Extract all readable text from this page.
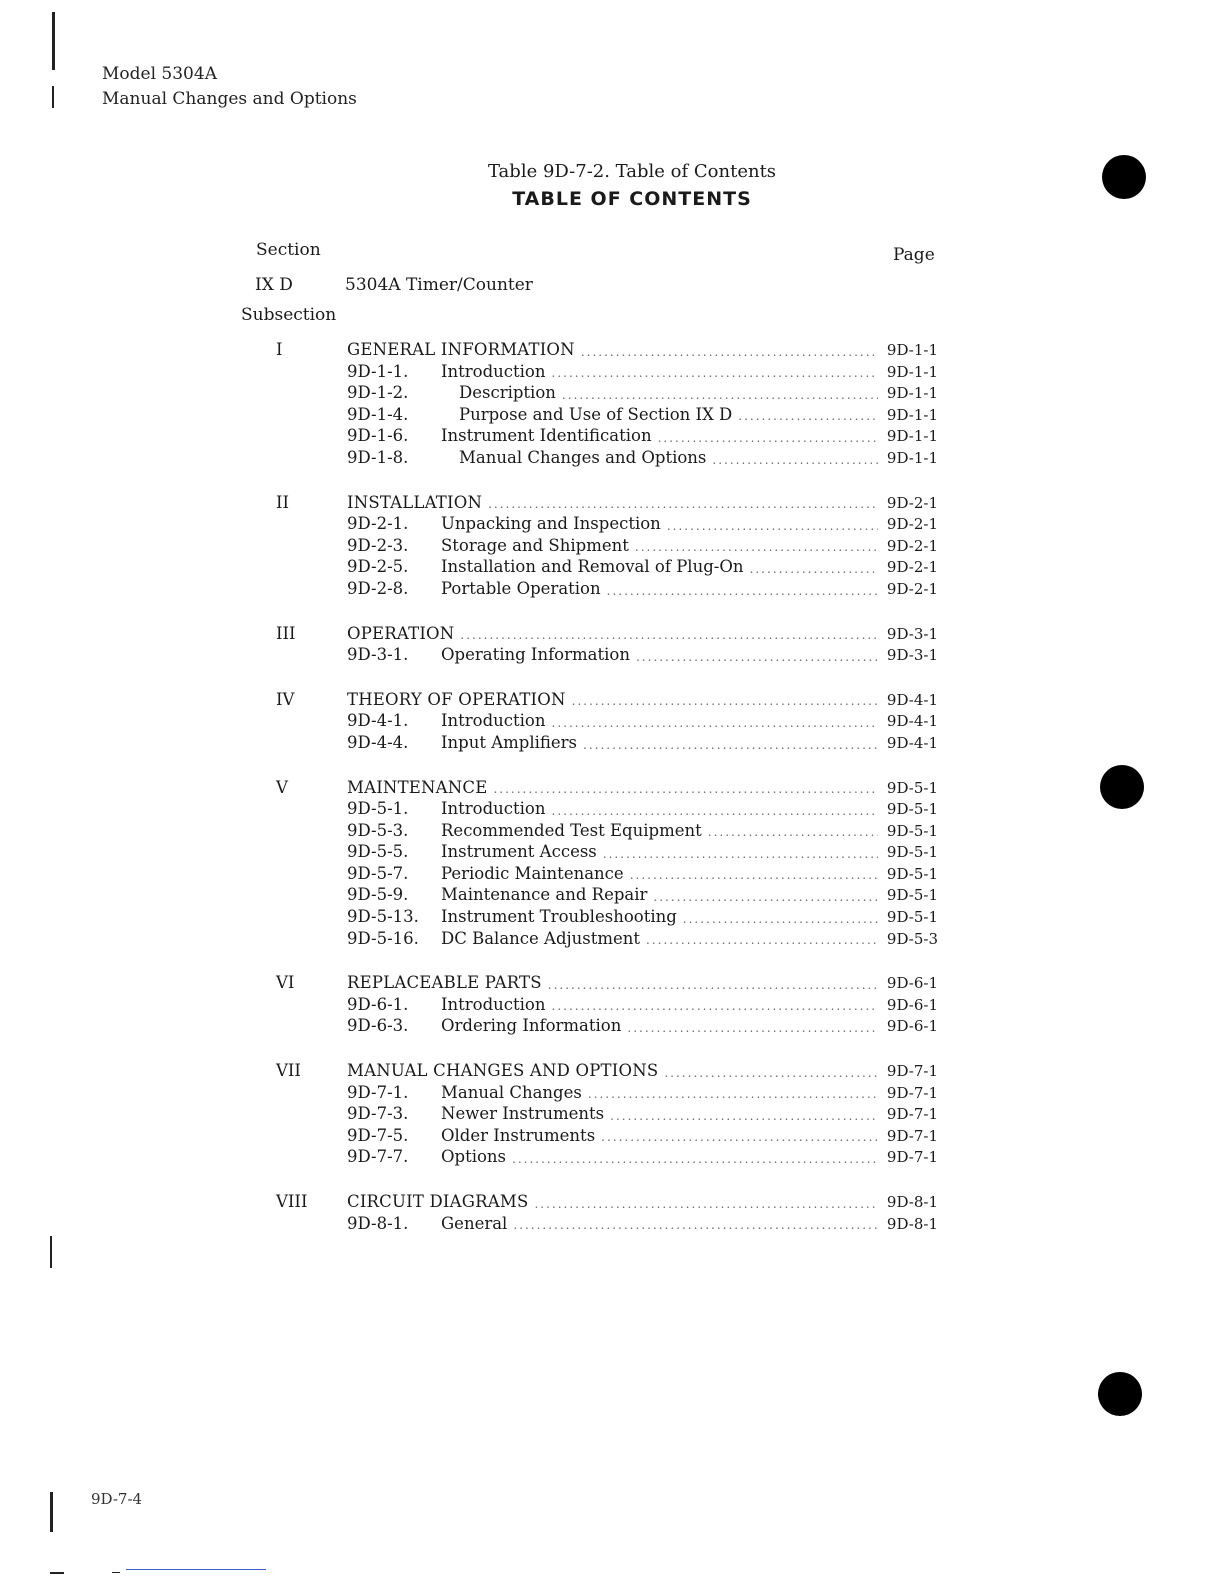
Model 5304A
Manual Changes and Options
Table 9D-7-2. Table of Contents
TABLE OF CONTENTS
Section	Page
IX D	5304A Timer/Counter
Subsection
I	GENERAL INFORMATION .....	9D-1-1
9D-1-1.	Introduction .....	9D-1-1
9D-1-2.	Description .....	9D-1-1
9D-1-4.	Purpose and Use of Section IX D .....	9D-1-1
9D-1-6.	Instrument Identification .....	9D-1-1
9D-1-8.	Manual Changes and Options .....	9D-1-1
II	INSTALLATION .....	9D-2-1
9D-2-1.	Unpacking and Inspection .....	9D-2-1
9D-2-3.	Storage and Shipment .....	9D-2-1
9D-2-5.	Installation and Removal of Plug-On .....	9D-2-1
9D-2-8.	Portable Operation .....	9D-2-1
III	OPERATION .....	9D-3-1
9D-3-1.	Operating Information .....	9D-3-1
IV	THEORY OF OPERATION .....	9D-4-1
9D-4-1.	Introduction .....	9D-4-1
9D-4-4.	Input Amplifiers .....	9D-4-1
V	MAINTENANCE .....	9D-5-1
9D-5-1.	Introduction .....	9D-5-1
9D-5-3.	Recommended Test Equipment .....	9D-5-1
9D-5-5.	Instrument Access .....	9D-5-1
9D-5-7.	Periodic Maintenance .....	9D-5-1
9D-5-9.	Maintenance and Repair .....	9D-5-1
9D-5-13.	Instrument Troubleshooting .....	9D-5-1
9D-5-16.	DC Balance Adjustment .....	9D-5-3
VI	REPLACEABLE PARTS .....	9D-6-1
9D-6-1.	Introduction .....	9D-6-1
9D-6-3.	Ordering Information .....	9D-6-1
VII	MANUAL CHANGES AND OPTIONS .....	9D-7-1
9D-7-1.	Manual Changes .....	9D-7-1
9D-7-3.	Newer Instruments .....	9D-7-1
9D-7-5.	Older Instruments .....	9D-7-1
9D-7-7.	Options .....	9D-7-1
VIII	CIRCUIT DIAGRAMS .....	9D-8-1
9D-8-1.	General .....	9D-8-1
9D-7-4
